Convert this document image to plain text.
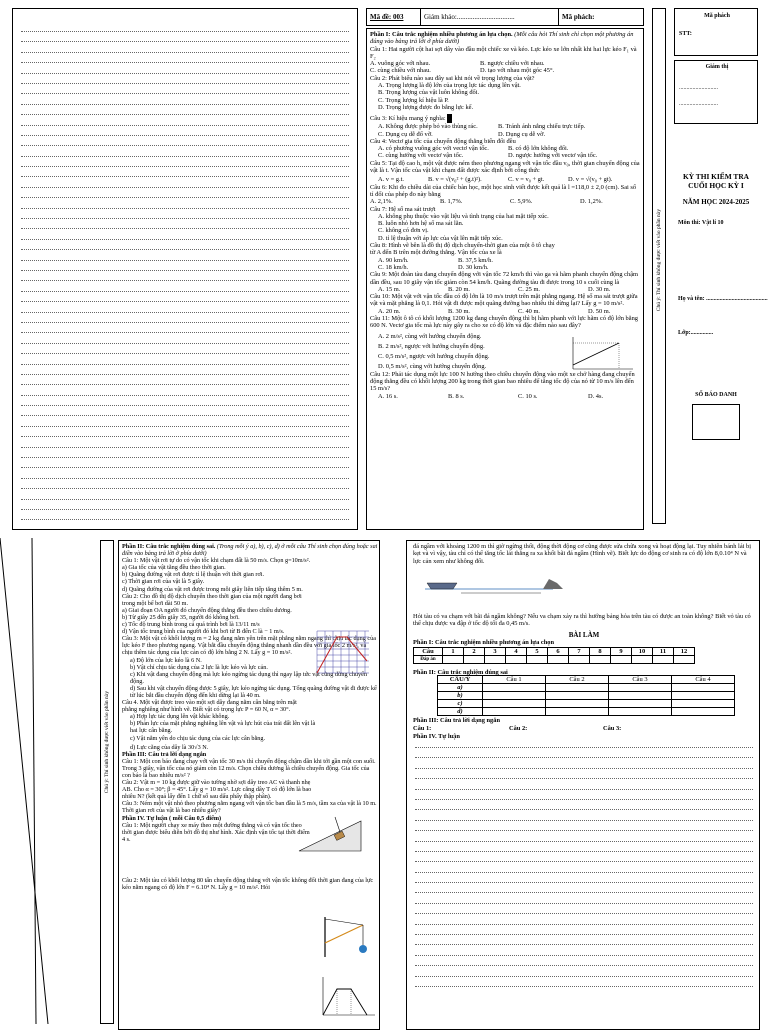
Mã đề: 003	Giám khảo:.................................	Mã phách:
Phần I: Câu trắc nghiệm nhiều phương án lựa chọn. (Mỗi câu hỏi Thí sinh chỉ chọn một phương án đúng vào bảng trả lời ở phía dưới)
Câu 1: Hai người cột hai sợi dây vào đầu một chiếc xe và kéo. Lực kéo xe lớn nhất khi hai lực kéo F₁ và F₂
A. vuông góc với nhau.	B. ngược chiều với nhau.
C. cùng chiều với nhau.	D. tạo với nhau một góc 45°.
Câu 2: Phát biểu nào sau đây sai khi nói về trọng lượng của vật?
A. Trọng lượng là độ lớn của trọng lực tác dụng lên vật.
B. Trọng lượng của vật luôn không đổi.
C. Trọng lượng kí hiệu là P.
D. Trọng lượng được đo bằng lực kế.
Câu 3: Kí hiệu mang ý nghĩa:
A. Không được phép bỏ vào thùng rác.	B. Tránh ánh nắng chiếu trực tiếp.
C. Dụng cụ dễ đổ vỡ.	D. Dụng cụ dễ vỡ.
Câu 4: Vectơ gia tốc của chuyển động thẳng biến đổi đều
A. có phương vuông góc với vectơ vận tốc.	B. có độ lớn không đổi.
C. cùng hướng với vectơ vận tốc.	D. ngược hướng với vectơ vận tốc.
Câu 5: Tại độ cao h, một vật được ném theo phương ngang với vận tốc đầu v₀, thời gian chuyển động của vật là t. Vận tốc của vật khi chạm đất được xác định bởi công thức
A. v = g.t.	B. v = √(v₀² + (g.t)²).	C. v = v₀ + gt.	D. v = √(v₀ + gt).
Câu 6: Khi đo chiều dài của chiếc bàn học, một học sinh viết được kết quả là l =118,0 ± 2,0 (cm). Sai số tỉ đối của phép đo này bằng
A. 2,1%.	B. 1,7%.	C. 5,9%.	D. 1,2%.
Câu 7: Hệ số ma sát trượt
A. không phụ thuộc vào vật liệu và tình trạng của hai mặt tiếp xúc.
B. luôn nhỏ hơn hệ số ma sát lăn.
C. không có đơn vị.
D. tỉ lệ thuận với áp lực của vật lên mặt tiếp xúc.
Câu 8: Hình vẽ bên là đồ thị độ dịch chuyển-thời gian của một ô tô chạy từ A đến B trên một đường thẳng. Vận tốc của xe là
A. 90 km/h.	B. 37,5 km/h.
C. 18 km/h.	D. 30 km/h.
Câu 9: Một đoàn tàu đang chuyển động với vận tốc 72 km/h thì vào ga và hãm phanh chuyển động chậm dần đều, sau 10 giây vận tốc giảm còn 54 km/h. Quãng đường tàu đi được trong 10 s cuối cùng là
A. 15 m.	B. 20 m.	C. 25 m.	D. 30 m.
Câu 10: Một vật với vận tốc đầu có độ lớn là 10 m/s trượt trên mặt phẳng ngang. Hệ số ma sát trượt giữa vật và mặt phẳng là 0,1. Hỏi vật đi được một quãng đường bao nhiêu thì dừng lại? Lấy g = 10 m/s².
A. 20 m.	B. 30 m.	C. 40 m.	D. 50 m.
Câu 11: Một ô tô có khối lượng 1200 kg đang chuyển động thì bị hãm phanh với lực hãm có độ lớn bằng 600 N. Vectơ gia tốc mà lực này gây ra cho xe có độ lớn và đặc điểm nào sau đây?
A. 2 m/s², cùng với hướng chuyển động.
B. 2 m/s², ngược với hướng chuyển động.
C. 0,5 m/s², ngược với hướng chuyển động.
D. 0,5 m/s², cùng với hướng chuyển động.
Câu 12: Phải tác dụng một lực 100 N hướng theo chiều chuyển động vào một xe chở hàng đang chuyển động thẳng đều có khối lượng 200 kg trong thời gian bao nhiêu để tăng tốc độ của nó từ 10 m/s lên đến 15 m/s?
A. 16 s.	B. 8 s.	C. 10 s.	D. 4s.
Chú ý: Thí sinh không được viết vào phần này
Mã phách
STT:
Giám thị
..........................
..........................
KỲ THI KIỂM TRA CUỐI HỌC KỲ I
NĂM HỌC 2024-2025
Môn thi: Vật lí 10
Họ và tên: .........................................
Lớp:...............
SỐ BÁO DANH
Chú ý: Thí sinh không được viết vào phần này
Phần II: Câu trắc nghiệm đúng sai. (Trong mỗi ý a), b), c), d) ở mỗi câu Thí sinh chọn đúng hoặc sai điền vào bảng trả lời ở phía dưới)
Câu 1: Một vật rơi tự do có vận tốc khi chạm đất là 50 m/s. Chọn g=10m/s².
a) Gia tốc của vật tăng đều theo thời gian.
b) Quãng đường vật rơi được tỉ lệ thuận với thời gian rơi.
c) Thời gian rơi của vật là 5 giây.
d) Quãng đường của vật rơi được trong mỗi giây liên tiếp tăng thêm 5 m.
Câu 2: Cho đồ thị độ dịch chuyển theo thời gian của một người đang bơi trong một bể bơi dài 50 m.
a) Giai đoạn OA người đó chuyển động thẳng đều theo chiều dương.
b) Từ giây 25 đến giây 35, người đó không bơi.
c) Tốc độ trung bình trong cả quá trình bơi là 13/11 m/s
d) Vận tốc trung bình của người đó khi bơi từ B đến C là − 1 m/s.
Câu 3: Một vật có khối lượng m = 2 kg đang nằm yên trên mặt phẳng nằm ngang thì chịu tác dụng của lực kéo F theo phương ngang. Vật bắt đầu chuyển động thẳng nhanh dần đều với gia tốc 2 m/s², và chịu thêm tác dụng của lực cản có độ lớn bằng 2 N. Lấy g = 10 m/s².
a) Độ lớn của lực kéo là 6 N.
b) Vật chỉ chịu tác dụng của 2 lực là lực kéo và lực cản.
c) Khi vật đang chuyển động mà lực kéo ngừng tác dụng thì ngay lập tức vật cũng dừng chuyển động.
d) Sau khi vật chuyển động được 5 giây, lực kéo ngừng tác dụng. Tổng quãng đường vật đi được kể từ lúc bắt đầu chuyển động đến khi dừng lại là 40 m.
Câu 4. Một vật được treo vào một sợi dây đang nằm cân bằng trên mặt phẳng nghiêng như hình vẽ. Biết vật có trọng lực P = 60 N, α = 30°.
a) Hợp lực tác dụng lên vật khác không.
b) Phản lực của mặt phẳng nghiêng lên vật và lực hút của trái đất lên vật là hai lực cân bằng.
c) Vật nằm yên do chịu tác dụng của các lực cân bằng.
d) Lực căng của dây là 30√3 N.
Phần III: Câu trả lời dạng ngắn
Câu 1: Một con báo đang chạy với vận tốc 30 m/s thì chuyển động chậm dần khi tới gần một con suối. Trong 3 giây, vận tốc của nó giảm còn 12 m/s. Chọn chiều dương là chiều chuyển động. Gia tốc của con báo là bao nhiêu m/s² ?
Câu 2: Vật m = 10 kg được giữ vào tường nhờ sợi dây treo AC và thanh nhẹ AB. Cho α = 30°; β = 45°. Lấy g = 10 m/s². Lực căng dây T có độ lớn là bao nhiêu N? (kết quả lấy đến 1 chữ số sau dấu phẩy thập phân).
Câu 3: Ném một vật nhỏ theo phương nằm ngang với vận tốc ban đầu là 5 m/s, tầm xa của vật là 10 m. Thời gian rơi của vật là bao nhiêu giây?
Phần IV. Tự luận ( mỗi Câu 0,5 điểm)
Câu 1: Một người chạy xe máy theo một đường thẳng và có vận tốc theo thời gian được biểu diễn bởi đồ thị như hình. Xác định vận tốc tại thời điểm 4 s.
Câu 2: Một tàu có khối lượng 80 tấn chuyển động thẳng với vận tốc không đổi thời gian đang của lực kéo nằm ngang có độ lớn F = 6.10⁴ N. Lấy g = 10 m/s². Hỏi
đá ngầm với khoảng 1200 m thì giờ ngừng thổi, động thời động cơ cũng được sửa chữa xong và hoạt động lại. Tuy nhiên bánh lái bị kẹt và vì vậy, tàu chỉ có thể tăng tốc lái thẳng ra xa khối bãi đá ngầm (Hình vẽ). Biết lực do động cơ sinh ra có độ lớn 8,0.10⁴ N và lực cản xem như không đổi.
Hỏi tàu có va chạm với bãi đá ngầm không? Nếu va chạm xảy ra thì hướng bảng hỏa trên tàu có được an toàn không? Biết vỏ tàu có thể chịu được va đập ở tốc độ tối đa 0,45 m/s.
BÀI LÀM
Phần I: Câu trắc nghiệm nhiều phương án lựa chọn
Câu	1	2	3	4	5	6	7	8	9	10	11	12
Đáp án												
Phần II: Câu trắc nghiệm đúng sai
CÂU/Ý	Câu 1	Câu 2	Câu 3	Câu 4
a)				
b)				
c)				
d)				
Phần III: Câu trả lời dạng ngắn
Câu 1:	Câu 2:	Câu 3:
Phần IV. Tự luận
